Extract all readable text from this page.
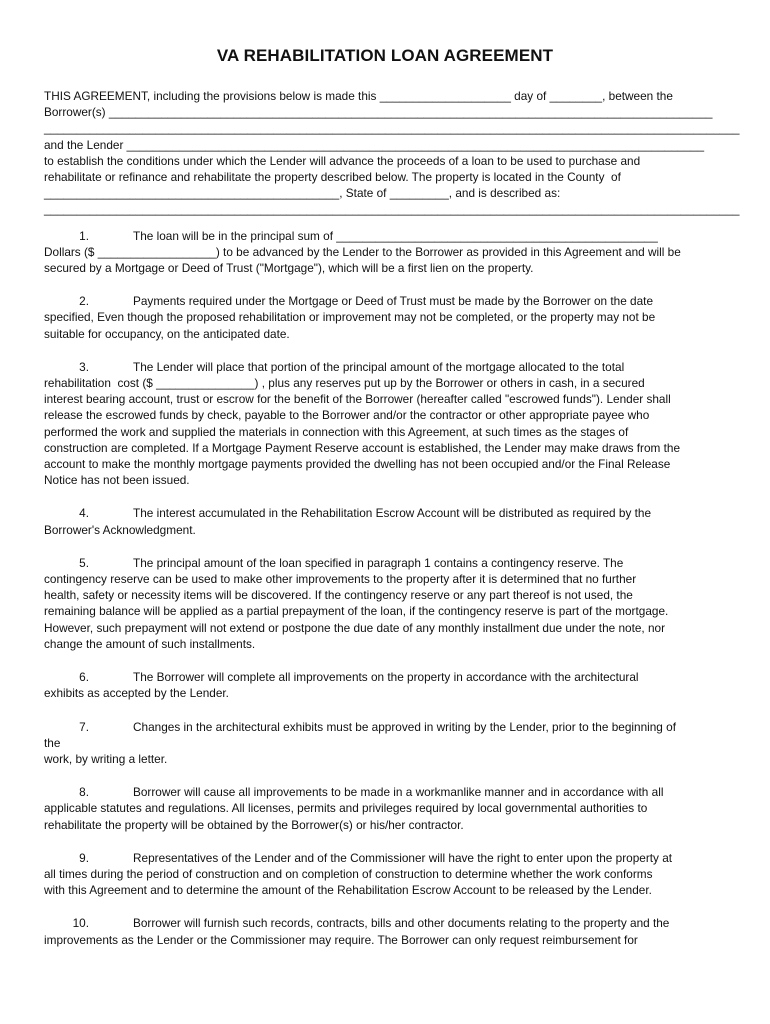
VA REHABILITATION LOAN AGREEMENT
THIS AGREEMENT, including the provisions below is made this ____________________ day of ________, between the
Borrower(s) ____________________________________________________________________________________________
__________________________________________________________________________________________________________
and the Lender ________________________________________________________________________________________
to establish the conditions under which the Lender will advance the proceeds of a loan to be used to purchase and
rehabilitate or refinance and rehabilitate the property described below. The property is located in the County  of
_____________________________________________, State of _________, and is described as:
__________________________________________________________________________________________________________
1.	The loan will be in the principal sum of _________________________________________________
Dollars ($ __________________) to be advanced by the Lender to the Borrower as provided in this Agreement and will be
secured by a Mortgage or Deed of Trust ("Mortgage"), which will be a first lien on the property.
2.	Payments required under the Mortgage or Deed of Trust must be made by the Borrower on the date
specified, Even though the proposed rehabilitation or improvement may not be completed, or the property may not be
suitable for occupancy, on the anticipated date.
3.	The Lender will place that portion of the principal amount of the mortgage allocated to the total
rehabilitation  cost ($ _______________) , plus any reserves put up by the Borrower or others in cash, in a secured
interest bearing account, trust or escrow for the benefit of the Borrower (hereafter called "escrowed funds"). Lender shall
release the escrowed funds by check, payable to the Borrower and/or the contractor or other appropriate payee who
performed the work and supplied the materials in connection with this Agreement, at such times as the stages of
construction are completed. If a Mortgage Payment Reserve account is established, the Lender may make draws from the
account to make the monthly mortgage payments provided the dwelling has not been occupied and/or the Final Release
Notice has not been issued.
4.	The interest accumulated in the Rehabilitation Escrow Account will be distributed as required by the
Borrower's Acknowledgment.
5.	The principal amount of the loan specified in paragraph 1 contains a contingency reserve. The
contingency reserve can be used to make other improvements to the property after it is determined that no further
health, safety or necessity items will be discovered. If the contingency reserve or any part thereof is not used, the
remaining balance will be applied as a partial prepayment of the loan, if the contingency reserve is part of the mortgage.
However, such prepayment will not extend or postpone the due date of any monthly installment due under the note, nor
change the amount of such installments.
6.	The Borrower will complete all improvements on the property in accordance with the architectural
exhibits as accepted by the Lender.
7.	Changes in the architectural exhibits must be approved in writing by the Lender, prior to the beginning of
the
work, by writing a letter.
8.	Borrower will cause all improvements to be made in a workmanlike manner and in accordance with all
applicable statutes and regulations. All licenses, permits and privileges required by local governmental authorities to
rehabilitate the property will be obtained by the Borrower(s) or his/her contractor.
9.	Representatives of the Lender and of the Commissioner will have the right to enter upon the property at
all times during the period of construction and on completion of construction to determine whether the work conforms
with this Agreement and to determine the amount of the Rehabilitation Escrow Account to be released by the Lender.
10.	Borrower will furnish such records, contracts, bills and other documents relating to the property and the
improvements as the Lender or the Commissioner may require. The Borrower can only request reimbursement for
